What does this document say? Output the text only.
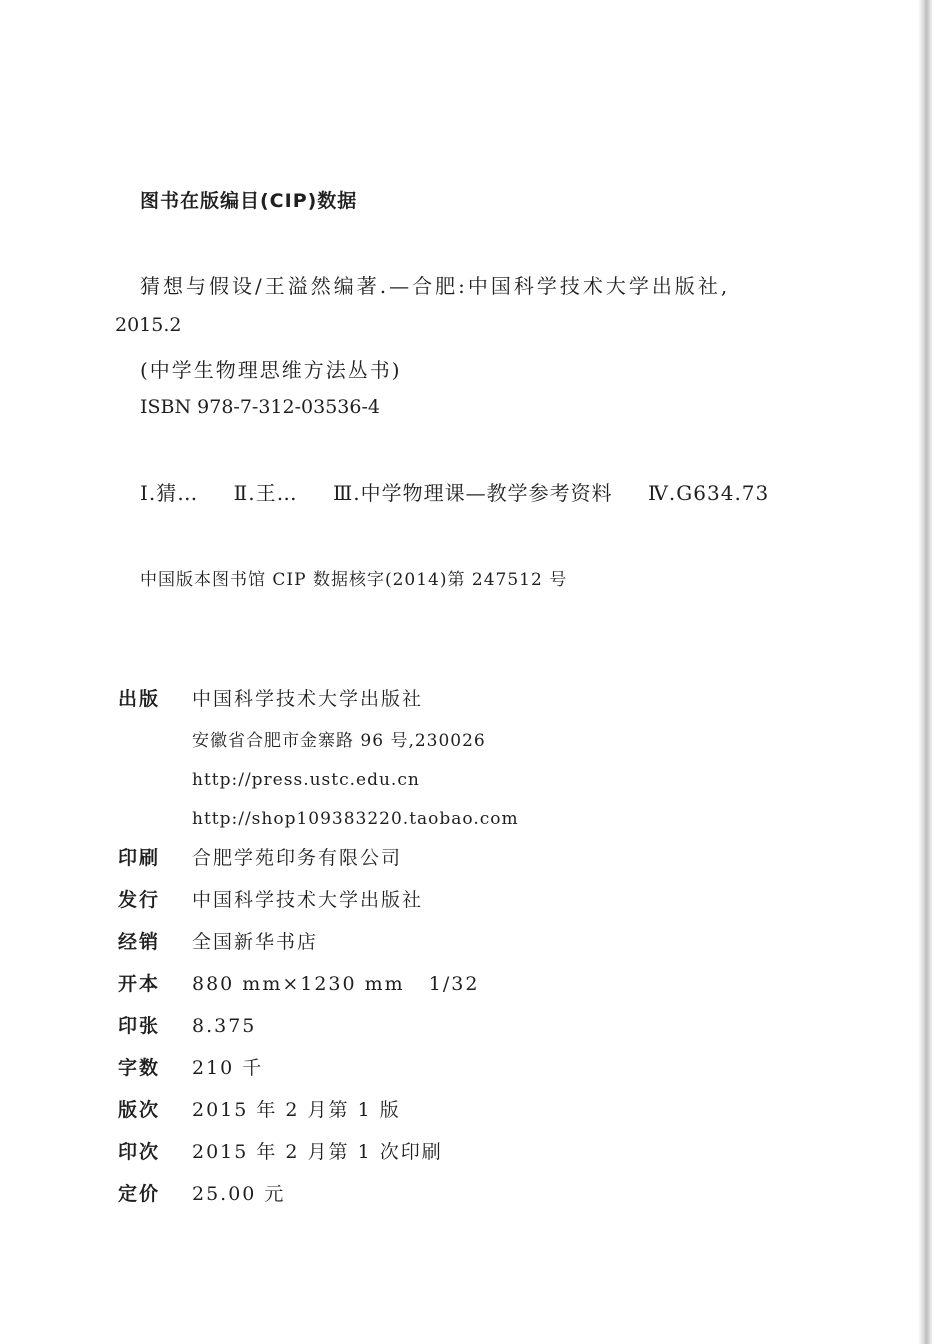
图书在版编目(CIP)数据
猜想与假设/王溢然编著.—合肥:中国科学技术大学出版社,
2015.2
(中学生物理思维方法丛书)
ISBN 978-7-312-03536-4
Ⅰ.猜… Ⅱ.王… Ⅲ.中学物理课—教学参考资料 Ⅳ.G634.73
中国版本图书馆 CIP 数据核字(2014)第 247512 号
出版	中国科学技术大学出版社
安徽省合肥市金寨路 96 号,230026
http://press.ustc.edu.cn
http://shop109383220.taobao.com
印刷	合肥学苑印务有限公司
发行	中国科学技术大学出版社
经销	全国新华书店
开本	880 mm×1230 mm   1/32
印张	8.375
字数	210 千
版次	2015 年 2 月第 1 版
印次	2015 年 2 月第 1 次印刷
定价	25.00 元
